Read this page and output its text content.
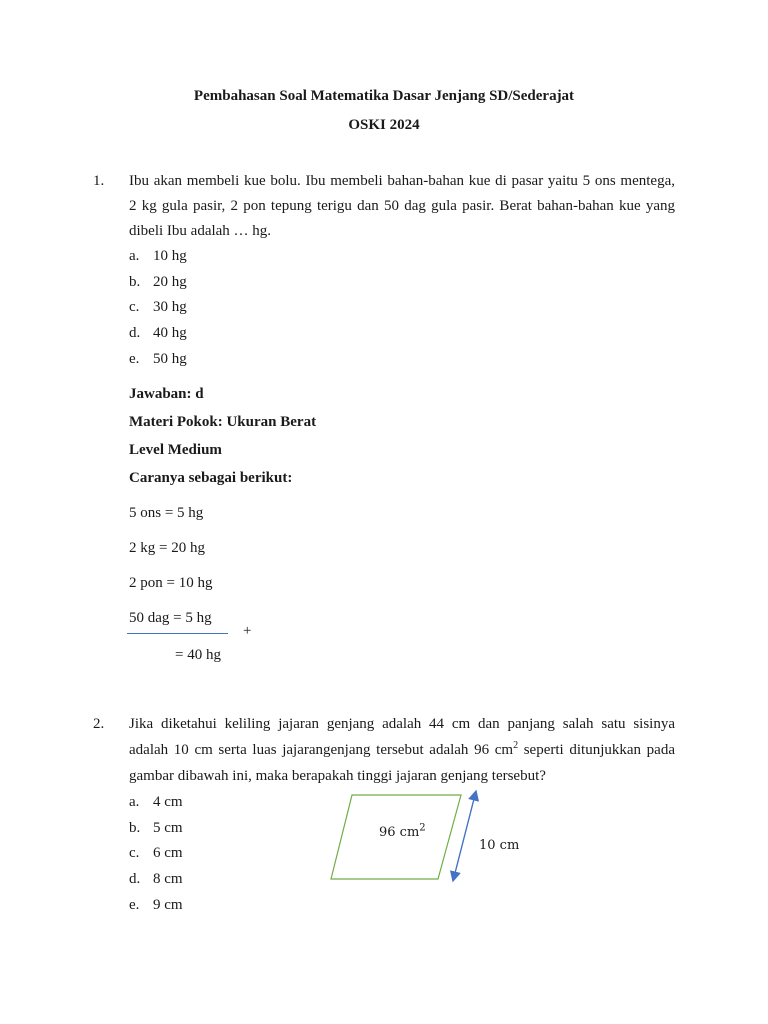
Pembahasan Soal Matematika Dasar Jenjang SD/Sederajat
OSKI 2024
1. Ibu akan membeli kue bolu. Ibu membeli bahan-bahan kue di pasar yaitu 5 ons mentega,
2 kg gula pasir, 2 pon tepung terigu dan 50 dag gula pasir. Berat bahan-bahan kue yang
dibeli Ibu adalah … hg.
a. 10 hg
b. 20 hg
c. 30 hg
d. 40 hg
e. 50 hg
Jawaban: d
Materi Pokok: Ukuran Berat
Level Medium
Caranya sebagai berikut:
5 ons = 5 hg
2 kg = 20 hg
2 pon = 10 hg
50 dag = 5 hg
+
= 40 hg
2. Jika diketahui keliling jajaran genjang adalah 44 cm dan panjang salah satu sisinya
adalah 10 cm serta luas jajarangenjang tersebut adalah 96 $cm^2$ seperti ditunjukkan pada
gambar dibawah ini, maka berapakah tinggi jajaran genjang tersebut?
a. 4 cm
b. 5 cm
c. 6 cm
d. 8 cm
e. 9 cm
96 $cm^2$
10 cm
